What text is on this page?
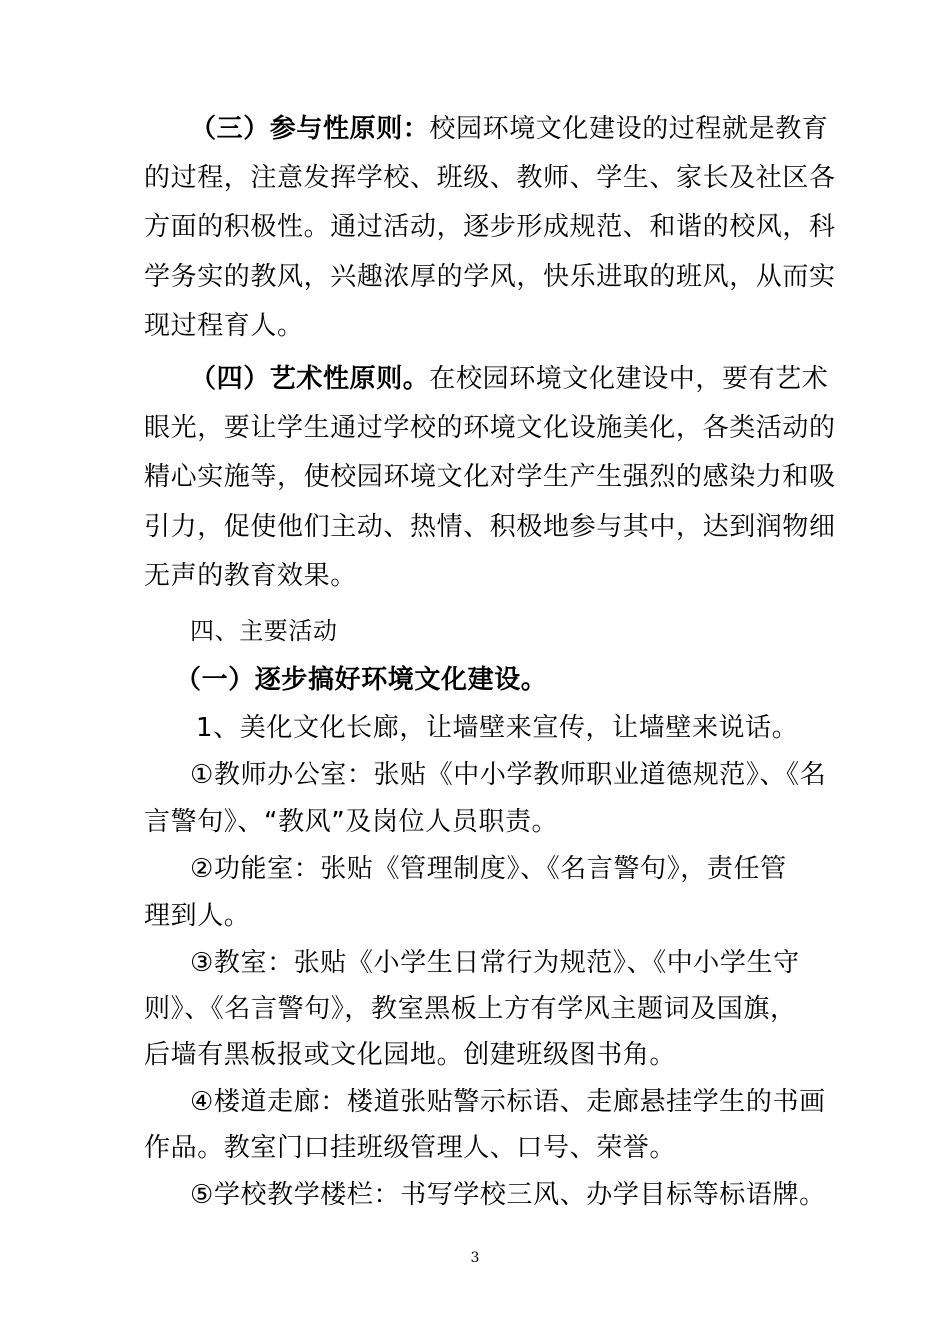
（三）参与性原则：校园环境文化建设的过程就是教育
的过程，注意发挥学校、班级、教师、学生、家长及社区各
方面的积极性。通过活动，逐步形成规范、和谐的校风，科
学务实的教风，兴趣浓厚的学风，快乐进取的班风，从而实
现过程育人。
（四）艺术性原则。在校园环境文化建设中，要有艺术
眼光，要让学生通过学校的环境文化设施美化，各类活动的
精心实施等，使校园环境文化对学生产生强烈的感染力和吸
引力，促使他们主动、热情、积极地参与其中，达到润物细
无声的教育效果。
四、主要活动
（一）逐步搞好环境文化建设。
1、美化文化长廊，让墙壁来宣传，让墙壁来说话。
①教师办公室：张贴《中小学教师职业道德规范》、《名
言警句》、“教风”及岗位人员职责。
②功能室：张贴《管理制度》、《名言警句》，责任管
理到人。
③教室：张贴《小学生日常行为规范》、《中小学生守
则》、《名言警句》，教室黑板上方有学风主题词及国旗，
后墙有黑板报或文化园地。创建班级图书角。
④楼道走廊：楼道张贴警示标语、走廊悬挂学生的书画
作品。教室门口挂班级管理人、口号、荣誉。
⑤学校教学楼栏：书写学校三风、办学目标等标语牌。
3
